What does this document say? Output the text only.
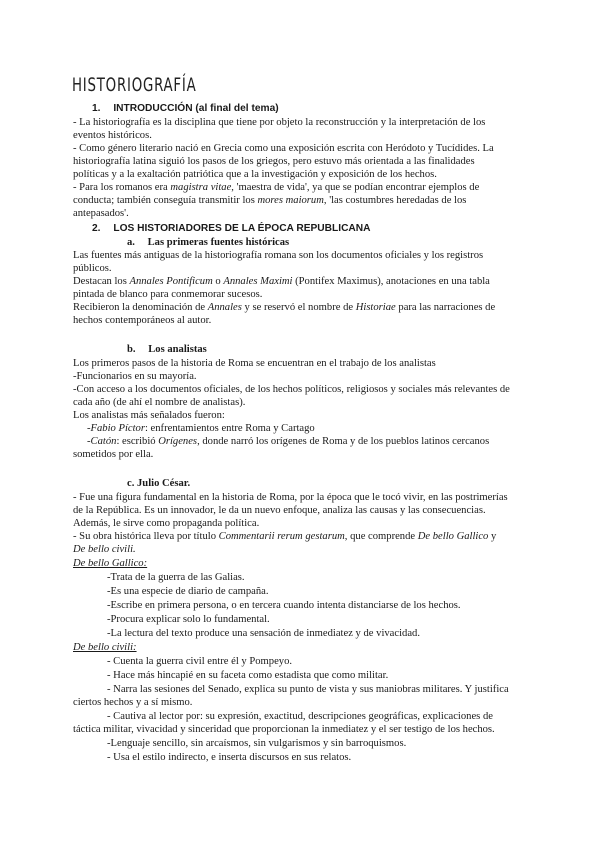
HISTORIOGRAFÍA
1. INTRODUCCIÓN (al final del tema)
- La historiografía es la disciplina que tiene por objeto la reconstrucción y la interpretación de los
eventos históricos.
- Como género literario nació en Grecia como una exposición escrita con Heródoto y Tucídides. La
historiografía latina siguió los pasos de los griegos, pero estuvo más orientada a las finalidades
políticas y a la exaltación patriótica que a la investigación y exposición de los hechos.
- Para los romanos era magistra vitae, 'maestra de vida', ya que se podían encontrar ejemplos de
conducta; también conseguía transmitir los mores maiorum, 'las costumbres heredadas de los
antepasados'.
2. LOS HISTORIADORES DE LA ÉPOCA REPUBLICANA
a. Las primeras fuentes históricas
Las fuentes más antiguas de la historiografía romana son los documentos oficiales y los registros
públicos.
Destacan los Annales Pontificum o Annales Maximi (Pontifex Maximus), anotaciones en una tabla
pintada de blanco para conmemorar sucesos.
Recibieron la denominación de Annales y se reservó el nombre de Historiae para las narraciones de
hechos contemporáneos al autor.
b. Los analistas
Los primeros pasos de la historia de Roma se encuentran en el trabajo de los analistas
-Funcionarios en su mayoría.
-Con acceso a los documentos oficiales, de los hechos políticos, religiosos y sociales más relevantes de
cada año (de ahí el nombre de analistas).
Los analistas más señalados fueron:
-Fabio Píctor: enfrentamientos entre Roma y Cartago
-Catón: escribió Orígenes, donde narró los orígenes de Roma y de los pueblos latinos cercanos
sometidos por ella.
c. Julio César.
- Fue una figura fundamental en la historia de Roma, por la época que le tocó vivir, en las postrimerías
de la República. Es un innovador, le da un nuevo enfoque, analiza las causas y las consecuencias.
Además, le sirve como propaganda política.
- Su obra histórica lleva por título Commentarii rerum gestarum, que comprende De bello Gallico y
De bello civili.
De bello Gallico:
-Trata de la guerra de las Galias.
-Es una especie de diario de campaña.
-Escribe en primera persona, o en tercera cuando intenta distanciarse de los hechos.
-Procura explicar solo lo fundamental.
-La lectura del texto produce una sensación de inmediatez y de vivacidad.
De bello civili:
- Cuenta la guerra civil entre él y Pompeyo.
- Hace más hincapié en su faceta como estadista que como militar.
- Narra las sesiones del Senado, explica su punto de vista y sus maniobras militares. Y justifica
ciertos hechos y a sí mismo.
- Cautiva al lector por: su expresión, exactitud, descripciones geográficas, explicaciones de
táctica militar, vivacidad y sinceridad que proporcionan la inmediatez y el ser testigo de los hechos.
-Lenguaje sencillo, sin arcaísmos, sin vulgarismos y sin barroquismos.
- Usa el estilo indirecto, e inserta discursos en sus relatos.
